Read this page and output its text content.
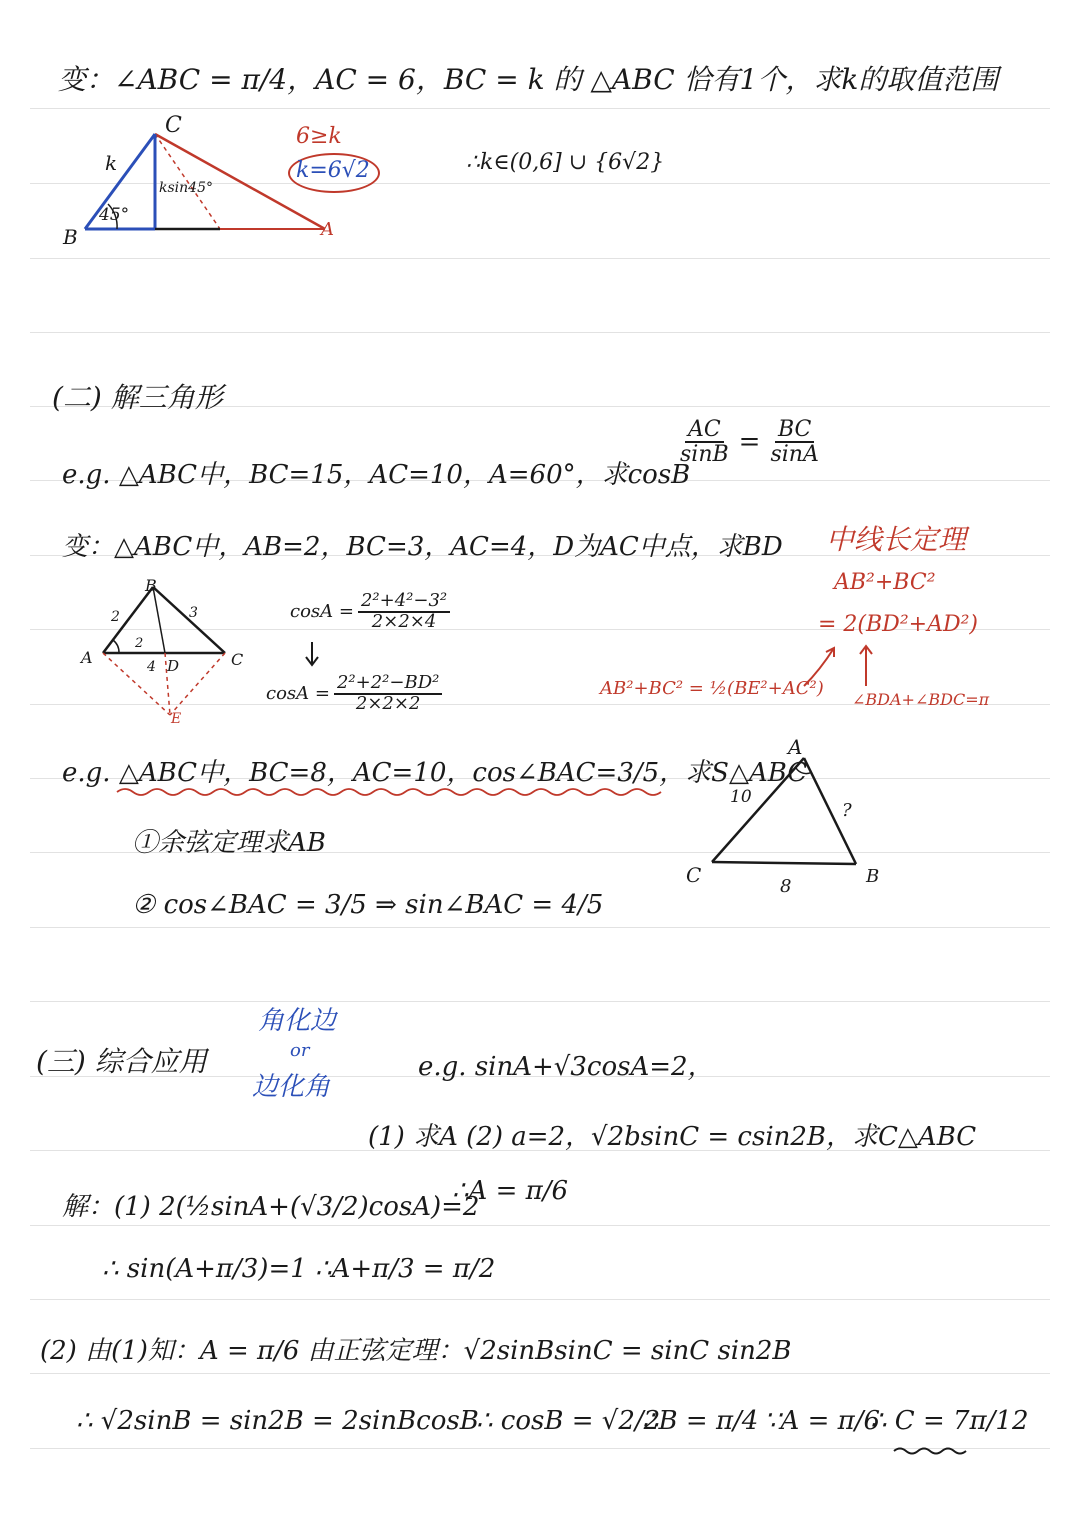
变：∠ABC = π/4，AC = 6，BC = k 的 △ABC 恰有1个，求k的取值范围
C
B	A
k
45°
ksin45°
6≥k
k=6√2	∴k∈(0,6] ∪ {6√2}
(二) 解三角形
e.g. △ABC中，BC=15，AC=10，A=60°，求cosB
$\frac{AC}{\sin B} = \frac{BC}{\sin A}$
变：△ABC中，AB=2，BC=3，AC=4，D为AC中点，求BD 中线长定理
AB²+BC²
= 2(BD²+AD²)
AB²+BC² = ½(BE²+AC²)
∠BDA+∠BDC=π
A
B
C
D
E
2	3
2
4
$\cos A = \frac{\text{2²+4²−3²}}{2\times 2\times 4}$
$\cos A = \frac{\text{2²+2²−BD²}}{2\times 2\times 2}$
e.g. △ABC中，BC=8，AC=10，cos∠BAC=3/5，求S△ABC
①余弦定理求AB
② cos∠BAC = 3/5 ⇒ sin∠BAC = 4/5
A
C	B
10
?
8
(三) 综合应用
角化边
or
边化角
e.g. sinA+√3cosA=2，
(1) 求A (2) a=2，√2bsinC = csin2B，求C△ABC
解：(1) 2(½sinA+(√3/2)cosA)=2
∴A = π/6
∴ sin(A+π/3)=1 ∴A+π/3 = π/2
(2) 由(1)知：A = π/6 由正弦定理：√2sinBsinC = sinC sin2B
∴ √2sinB = sin2B = 2sinBcosB
∴ cosB = √2/2
∴B = π/4 ∵A = π/6
∴ C = 7π/12
